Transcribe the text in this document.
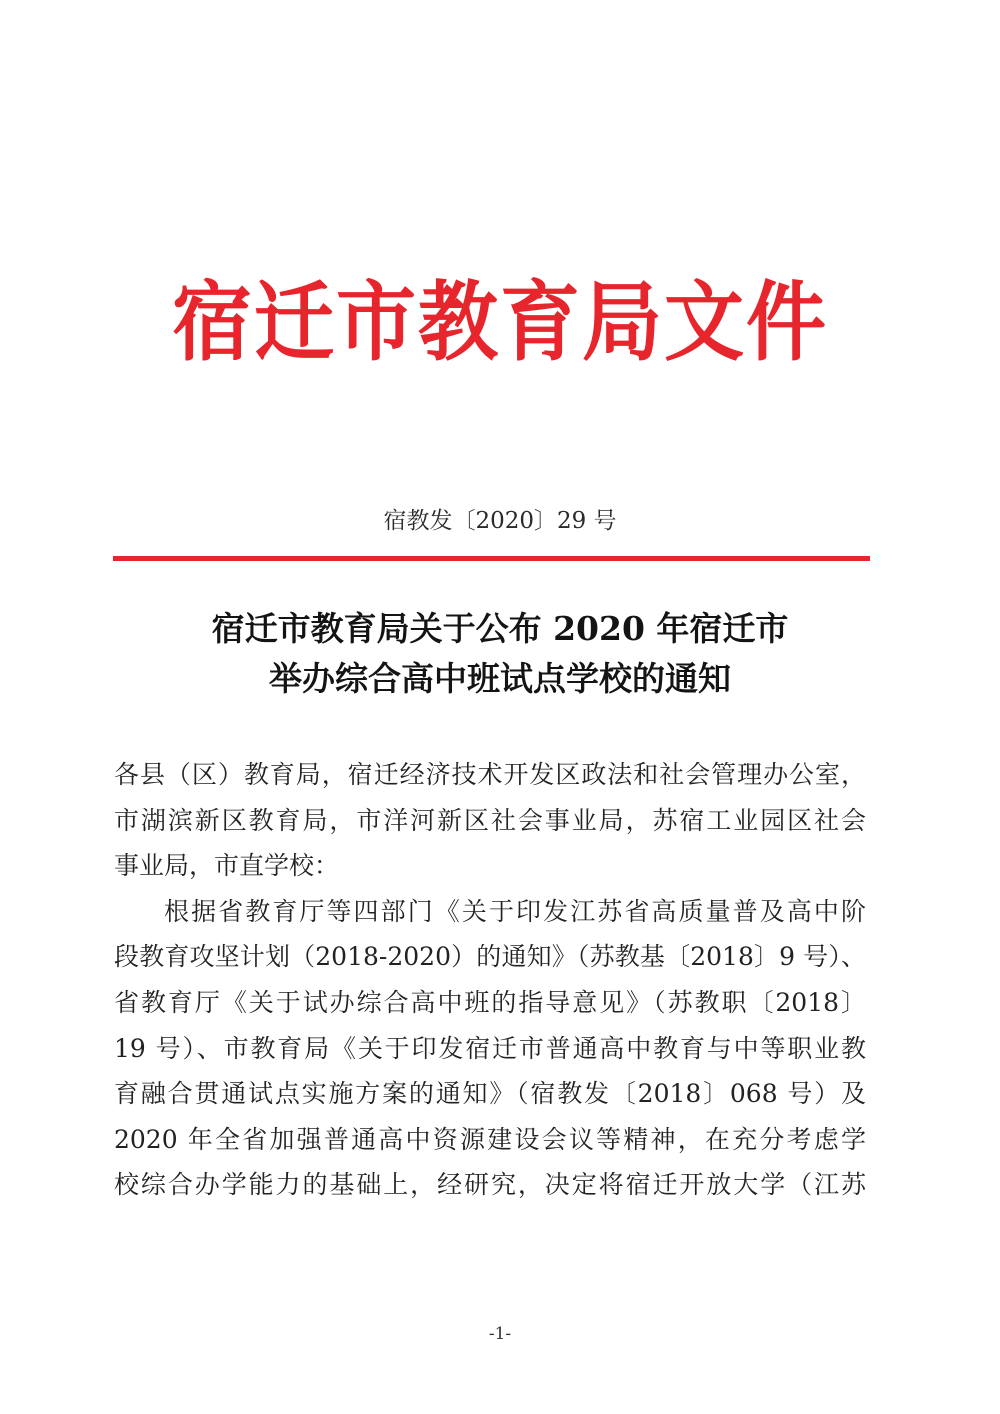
宿迁市教育局文件
宿教发〔2020〕29 号
宿迁市教育局关于公布 2020 年宿迁市
举办综合高中班试点学校的通知
各县（区）教育局，宿迁经济技术开发区政法和社会管理办公室，
市湖滨新区教育局，市洋河新区社会事业局，苏宿工业园区社会
事业局，市直学校：
根据省教育厅等四部门《关于印发江苏省高质量普及高中阶
段教育攻坚计划（2018-2020）的通知》（苏教基〔2018〕9 号）、
省教育厅《关于试办综合高中班的指导意见》（苏教职〔2018〕
19 号）、市教育局《关于印发宿迁市普通高中教育与中等职业教
育融合贯通试点实施方案的通知》（宿教发〔2018〕068 号）及
2020 年全省加强普通高中资源建设会议等精神，在充分考虑学
校综合办学能力的基础上，经研究，决定将宿迁开放大学（江苏
-1-
